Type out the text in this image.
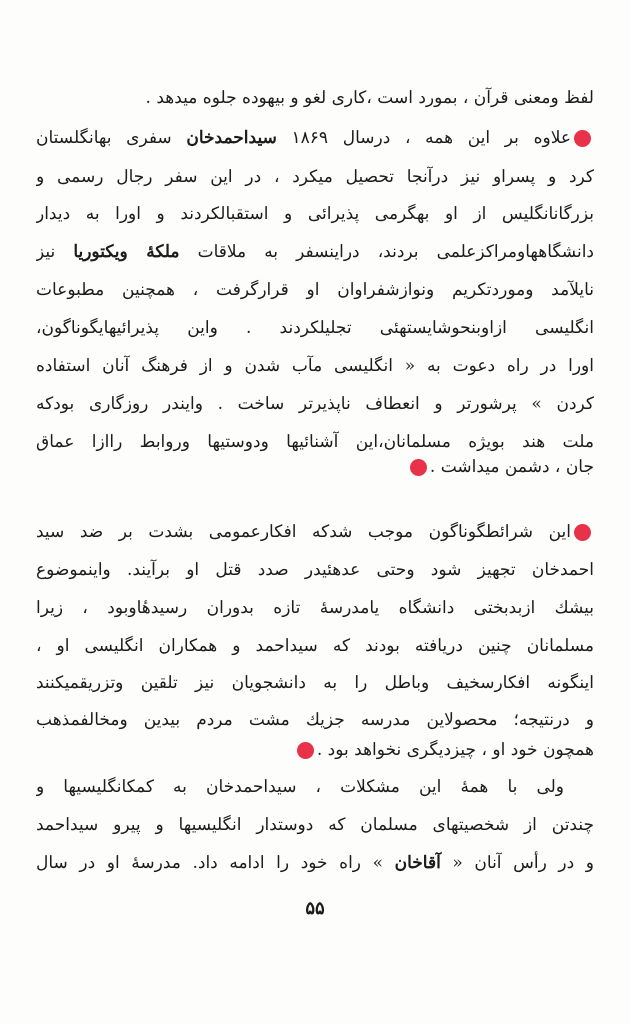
لفظ ومعنی قرآن ، بمورد است ،کاری لغو و بیهوده جلوه میدهد .
علاوه بر این همه ، درسال ۱۸۶۹ سیداحمدخان سفری بهانگلستان
کرد و پسراو نیز درآنجا تحصیل میکرد ، در این سفر رجال رسمی و
بزرگانانگلیس از او بهگرمی پذیرائی و استقبالکردند و اورا به دیدار
دانشگاههاومراکزعلمی بردند، دراینسفر به ملاقات ملکهٔ ویکتوریا نیز
نایلآمد وموردتکریم ونوازشفراوان او قرارگرفت ، همچنین مطبوعات
انگلیسی ازاوبنحوشایستهئی تجلیلکردند . واین پذیرائیهایگوناگون،
اورا در راه دعوت به « انگلیسی مآب شدن و از فرهنگ آنان استفاده
کردن » پرشورتر و انعطاف ناپذیرتر ساخت . وایندر روزگاری بودکه
ملت هند بویژه مسلمانان،این آشنائیها ودوستیها وروابط راازا عماق
جان ، دشمن میداشت .
این شرائطگوناگون موجب شدکه افکارعمومی بشدت بر ضد سید
احمدخان تجهیز شود وحتی عدهئیدر صدد قتل او برآیند. واینموضوع
بیشك ازبدبختی دانشگاه یامدرسهٔ تازه بدوران رسیدهٔاوبود ، زیرا
مسلمانان چنین دریافته بودند که سیداحمد و همکاران انگلیسی او ،
اینگونه افکارسخیف وباطل را به دانشجویان نیز تلقین وتزریقمیکنند
و درنتیجه؛ محصولاین مدرسه جزیك مشت مردم بیدین ومخالفمذهب
همچون خود او ، چیزدیگری نخواهد بود .
ولی با همهٔ این مشکلات ، سیداحمدخان به کمكانگلیسیها و
چندتن از شخصیتهای مسلمان که دوستدار انگلیسیها و پیرو سیداحمد
و در رأس آنان « آقاخان » راه خود را ادامه داد. مدرسهٔ او در سال
۵۵
